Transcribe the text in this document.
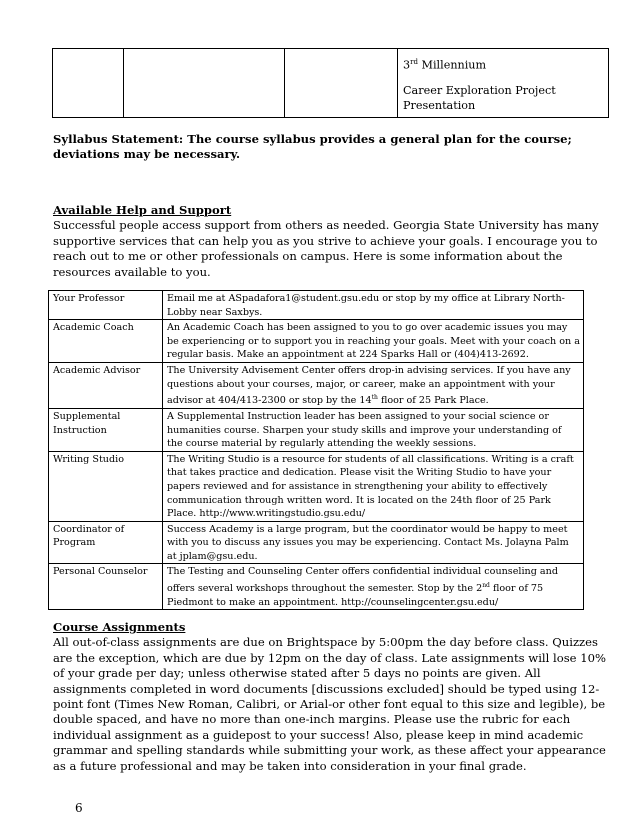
3rd Millennium
Career Exploration Project Presentation
Syllabus Statement: The course syllabus provides a general plan for the course; deviations may be necessary.
Available Help and Support
Successful people access support from others as needed. Georgia State University has many supportive services that can help you as you strive to achieve your goals. I encourage you to reach out to me or other professionals on campus. Here is some information about the resources available to you.
Your Professor	Email me at ASpadafora1@student.gsu.edu or stop by my office at Library North-Lobby near Saxbys.
Academic Coach	An Academic Coach has been assigned to you to go over academic issues you may be experiencing or to support you in reaching your goals. Meet with your coach on a regular basis. Make an appointment at 224 Sparks Hall or (404)413-2692.
Academic Advisor	The University Advisement Center offers drop-in advising services. If you have any questions about your courses, major, or career, make an appointment with your advisor at 404/413-2300 or stop by the 14th floor of 25 Park Place.
Supplemental Instruction	A Supplemental Instruction leader has been assigned to your social science or humanities course. Sharpen your study skills and improve your understanding of the course material by regularly attending the weekly sessions.
Writing Studio	The Writing Studio is a resource for students of all classifications. Writing is a craft that takes practice and dedication. Please visit the Writing Studio to have your papers reviewed and for assistance in strengthening your ability to effectively communication through written word. It is located on the 24th floor of 25 Park Place. http://www.writingstudio.gsu.edu/
Coordinator of Program	Success Academy is a large program, but the coordinator would be happy to meet with you to discuss any issues you may be experiencing. Contact Ms. Jolayna Palm at jplam@gsu.edu.
Personal Counselor	The Testing and Counseling Center offers confidential individual counseling and offers several workshops throughout the semester. Stop by the 2nd floor of 75 Piedmont to make an appointment. http://counselingcenter.gsu.edu/
Course Assignments
All out-of-class assignments are due on Brightspace by 5:00pm the day before class. Quizzes are the exception, which are due by 12pm on the day of class. Late assignments will lose 10% of your grade per day; unless otherwise stated after 5 days no points are given. All assignments completed in word documents [discussions excluded] should be typed using 12-point font (Times New Roman, Calibri, or Arial-or other font equal to this size and legible), be double spaced, and have no more than one-inch margins. Please use the rubric for each individual assignment as a guidepost to your success! Also, please keep in mind academic grammar and spelling standards while submitting your work, as these affect your appearance as a future professional and may be taken into consideration in your final grade.
6
